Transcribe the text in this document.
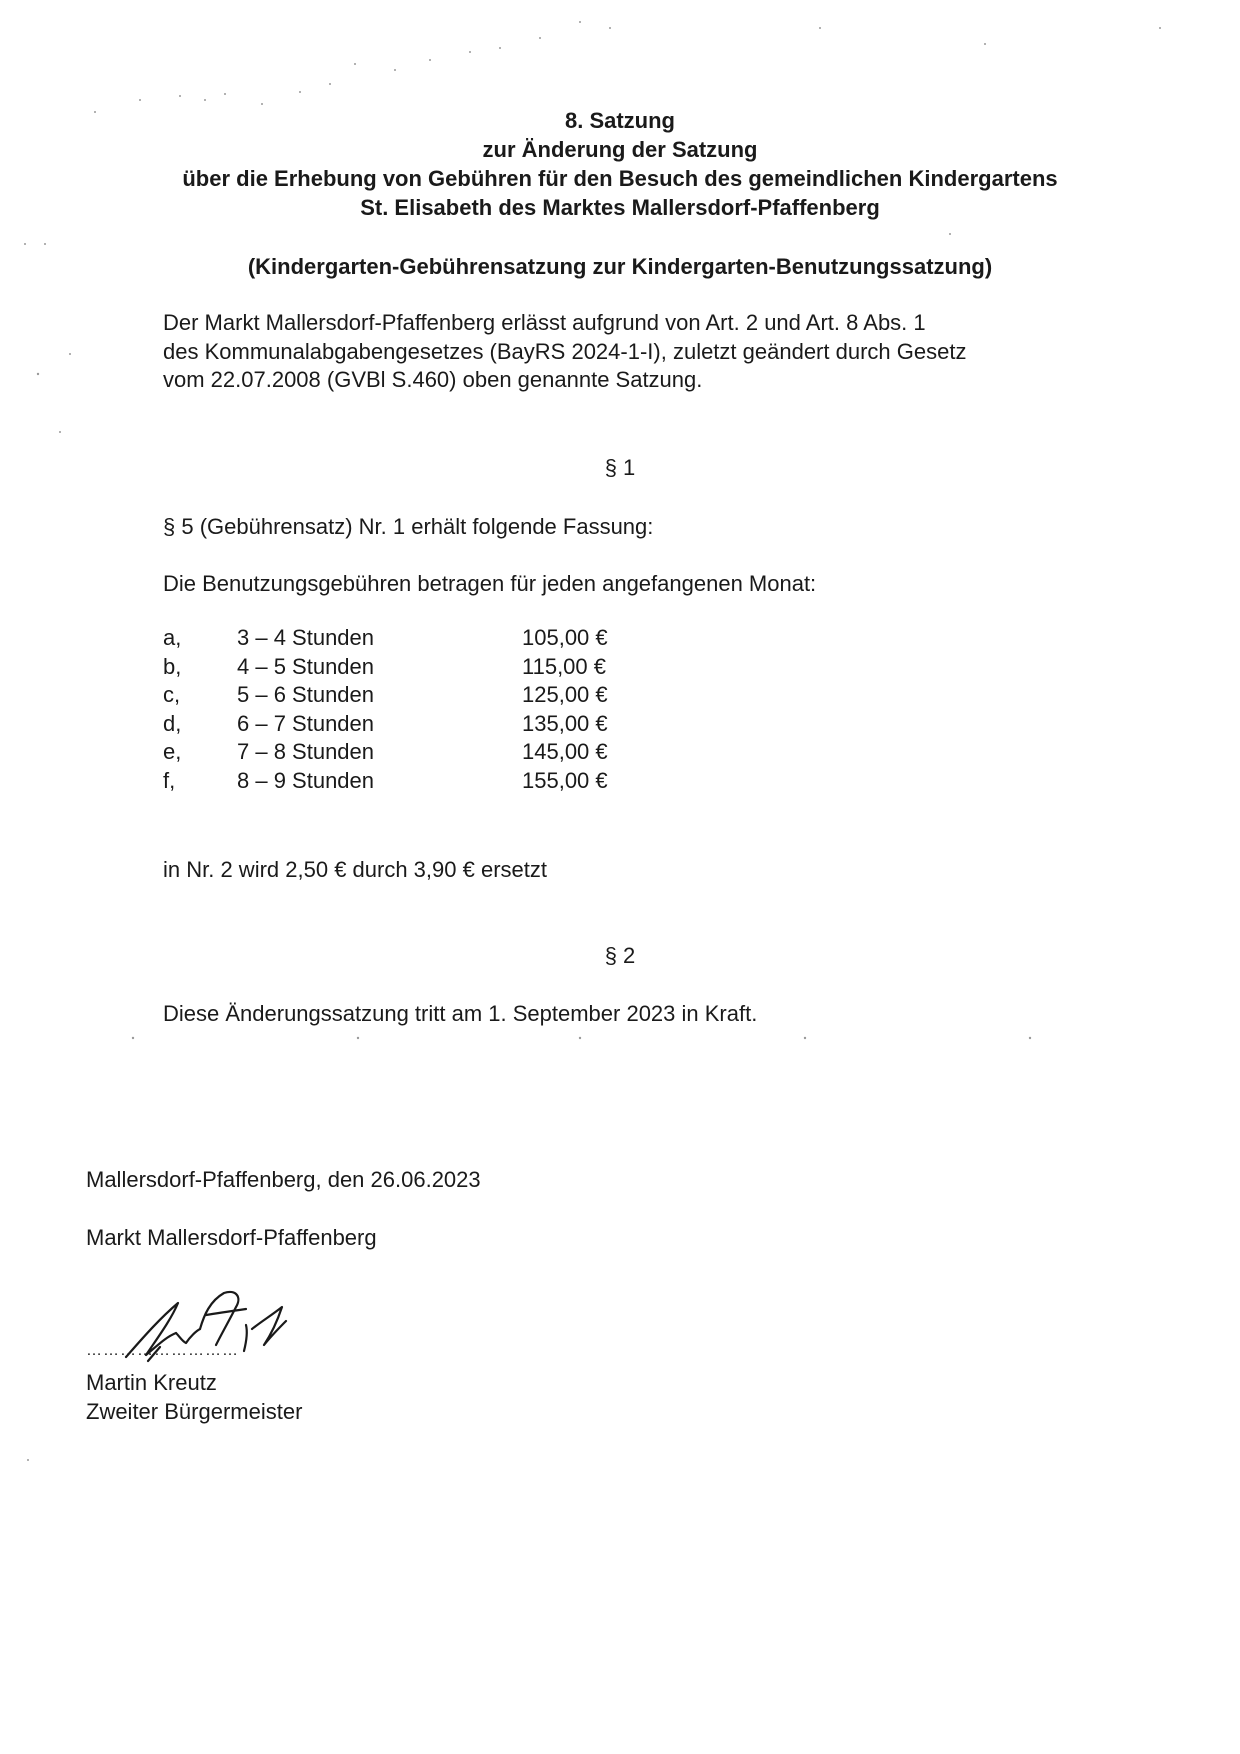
8. Satzung
zur Änderung der Satzung
über die Erhebung von Gebühren für den Besuch des gemeindlichen Kindergartens
St. Elisabeth des Marktes Mallersdorf-Pfaffenberg
(Kindergarten-Gebührensatzung zur Kindergarten-Benutzungssatzung)
Der Markt Mallersdorf-Pfaffenberg erlässt aufgrund von Art. 2 und Art. 8 Abs. 1
des Kommunalabgabengesetzes (BayRS 2024-1-I), zuletzt geändert durch Gesetz
vom 22.07.2008 (GVBl S.460) oben genannte Satzung.
§ 1
§ 5 (Gebührensatz) Nr. 1 erhält folgende Fassung:
Die Benutzungsgebühren betragen für jeden angefangenen Monat:
a,	3 – 4 Stunden	105,00 €
b,	4 – 5 Stunden	115,00 €
c,	5 – 6 Stunden	125,00 €
d,	6 – 7 Stunden	135,00 €
e,	7 – 8 Stunden	145,00 €
f,	8 – 9 Stunden	155,00 €
in Nr. 2 wird 2,50 € durch 3,90 € ersetzt
§ 2
Diese Änderungssatzung tritt am 1. September 2023 in Kraft.
Mallersdorf-Pfaffenberg, den 26.06.2023
Markt Mallersdorf-Pfaffenberg
………………………
Martin Kreutz
Zweiter Bürgermeister
